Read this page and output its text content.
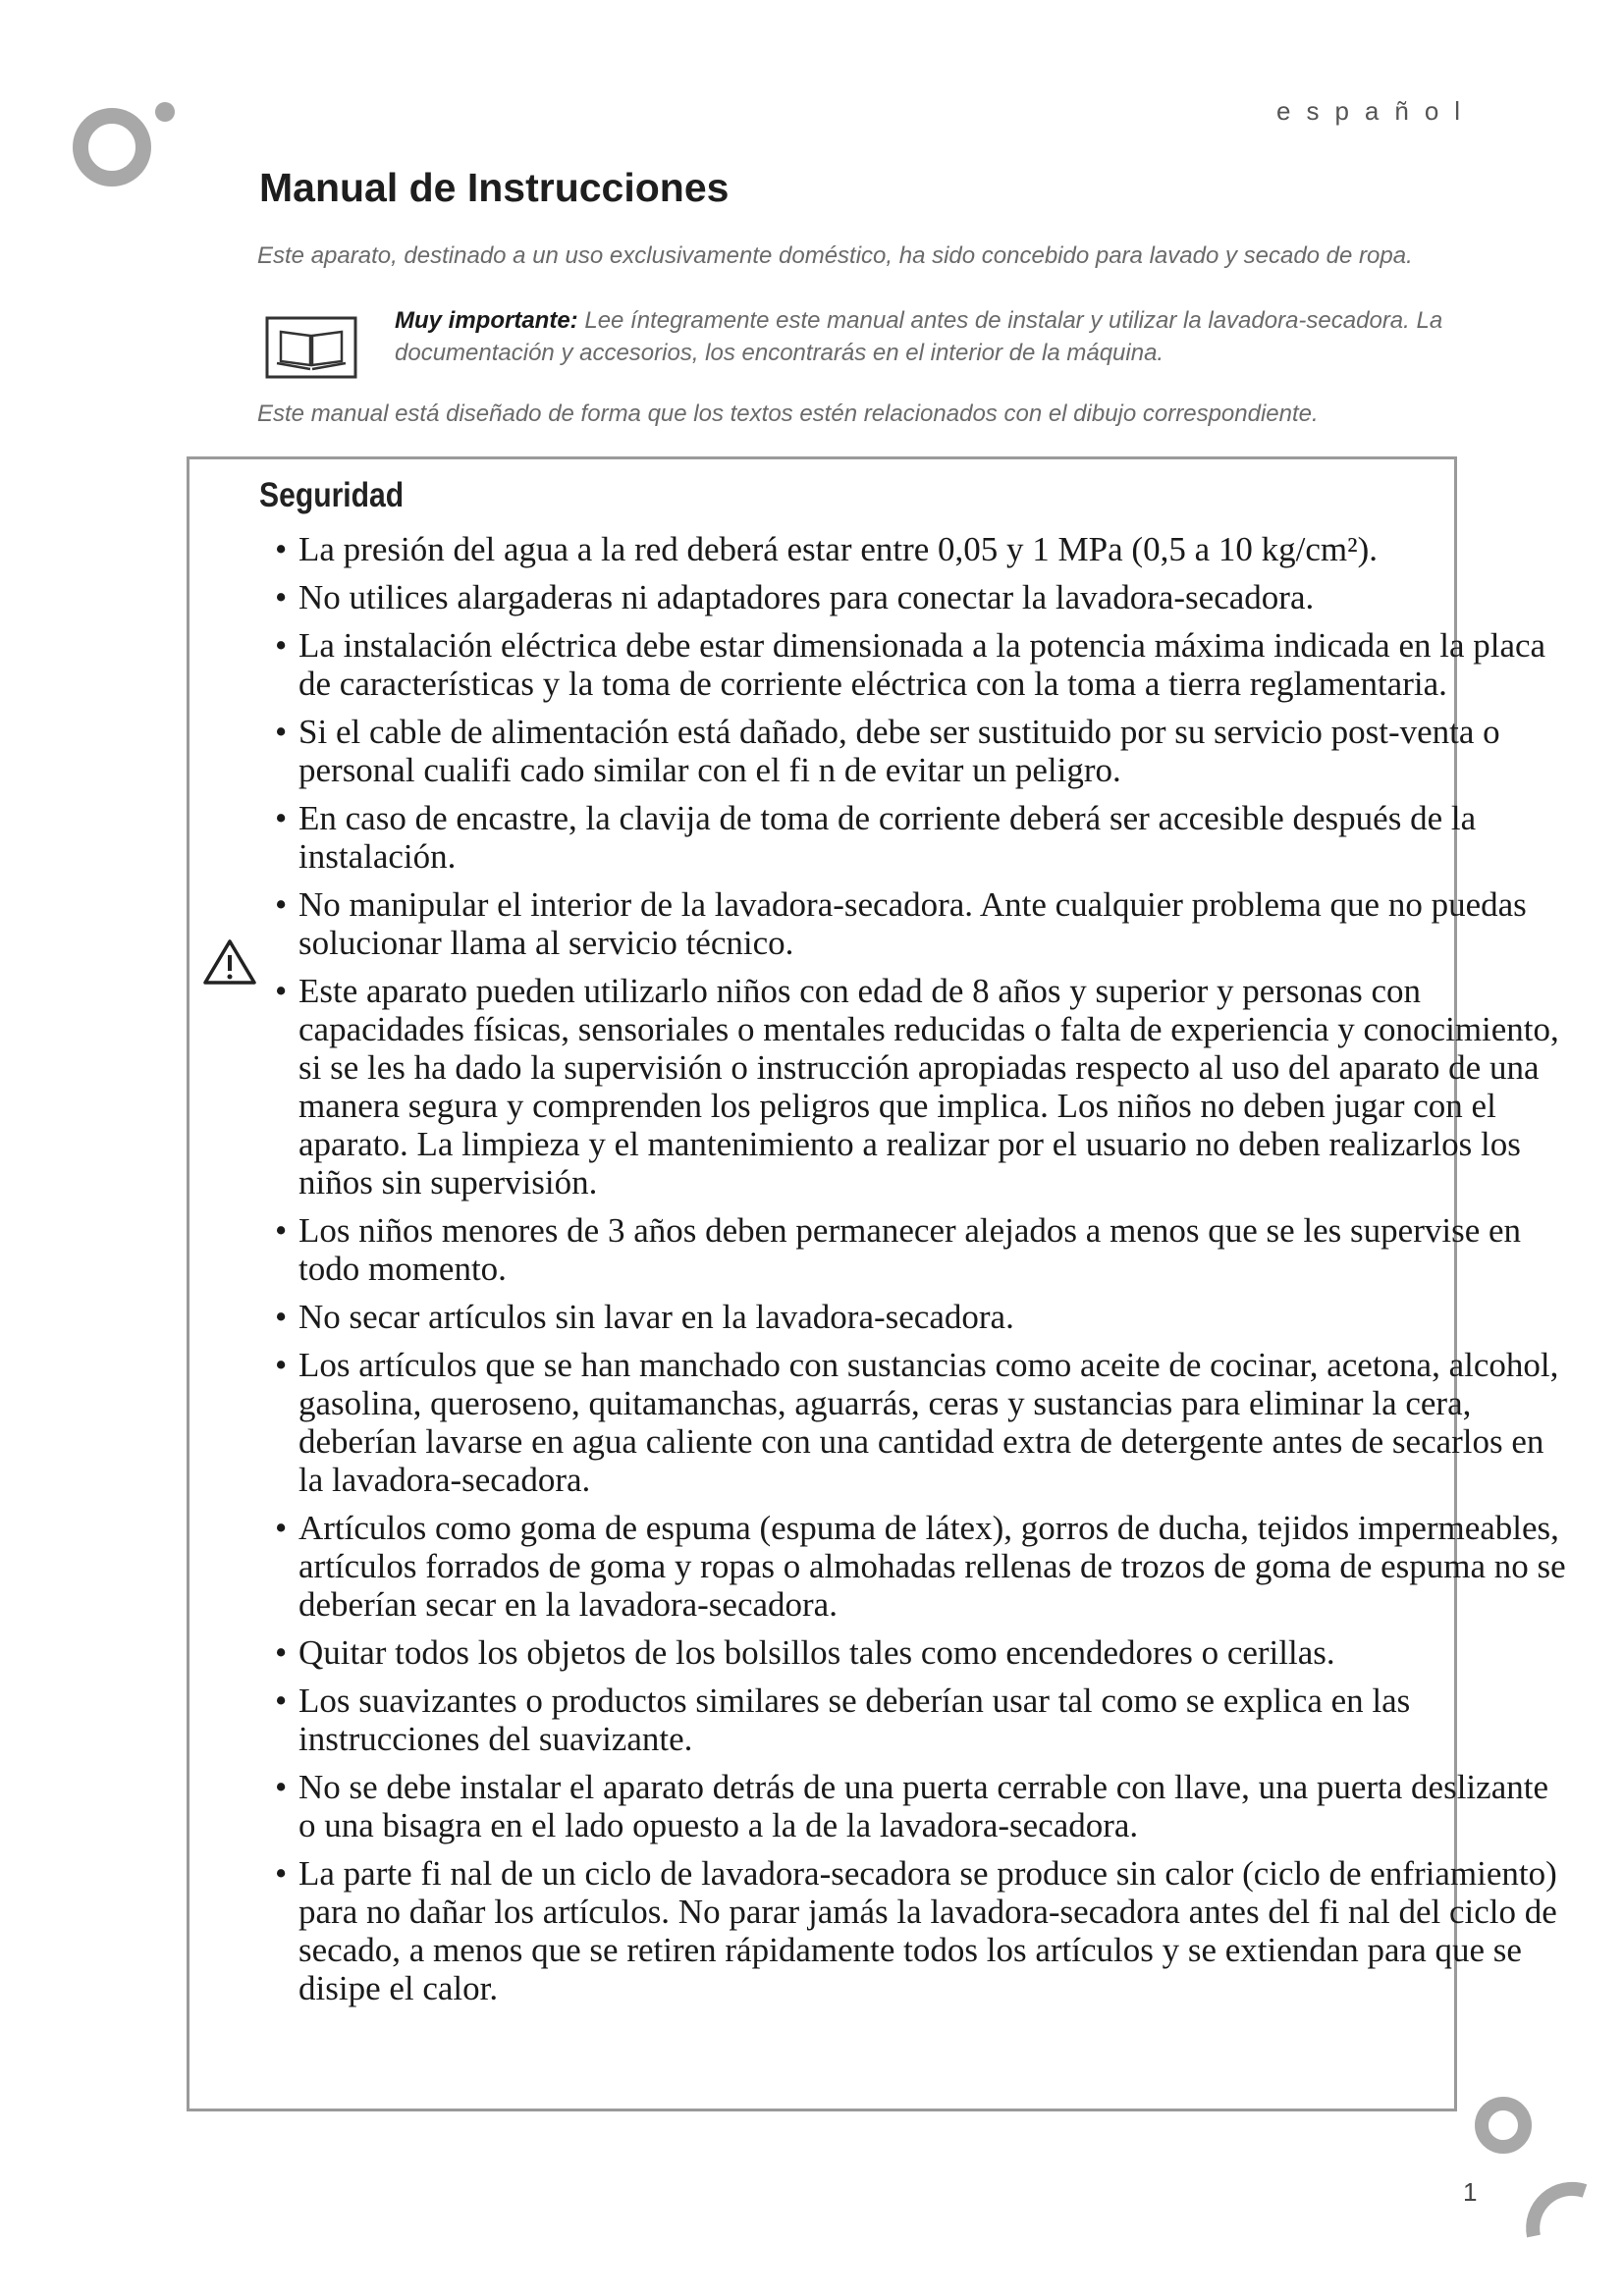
español
Manual de Instrucciones

Este aparato, destinado a un uso exclusivamente doméstico, ha sido concebido para lavado y secado de ropa.

Muy importante: Lee íntegramente este manual antes de instalar y utilizar la lavadora-secadora. La documentación y accesorios, los encontrarás en el interior de la máquina.

Este manual está diseñado de forma que los textos estén relacionados con el dibujo correspondiente.

Seguridad
• La presión del agua a la red deberá estar entre 0,05 y 1 MPa (0,5 a 10 kg/cm²).
• No utilices alargaderas ni adaptadores para conectar la lavadora-secadora.
• La instalación eléctrica debe estar dimensionada a la potencia máxima indicada en la placa de características y la toma de corriente eléctrica con la toma a tierra reglamentaria.
• Si el cable de alimentación está dañado, debe ser sustituido por su servicio post-venta o personal cualifi cado similar con el fi n de evitar un peligro.
• En caso de encastre, la clavija de toma de corriente deberá ser accesible después de la instalación.
• No manipular el interior de la lavadora-secadora. Ante cualquier problema que no puedas solucionar llama al servicio técnico.
• Este aparato pueden utilizarlo niños con edad de 8 años y superior y personas con capacidades físicas, sensoriales o mentales reducidas o falta de experiencia y conocimiento, si se les ha dado la supervisión o instrucción apropiadas respecto al uso del aparato de una manera segura y comprenden los peligros que implica. Los niños no deben jugar con el aparato. La limpieza y el mantenimiento a realizar por el usuario no deben realizarlos los niños sin supervisión.
• Los niños menores de 3 años deben permanecer alejados a menos que se les supervise en todo momento.
• No secar artículos sin lavar en la lavadora-secadora.
• Los artículos que se han manchado con sustancias como aceite de cocinar, acetona, alcohol, gasolina, queroseno, quitamanchas, aguarrás, ceras y sustancias para eliminar la cera, deberían lavarse en agua caliente con una cantidad extra de detergente antes de secarlos en la lavadora-secadora.
• Artículos como goma de espuma (espuma de látex), gorros de ducha, tejidos impermeables, artículos forrados de goma y ropas o almohadas rellenas de trozos de goma de espuma no se deberían secar en la lavadora-secadora.
• Quitar todos los objetos de los bolsillos tales como encendedores o cerillas.
• Los suavizantes o productos similares se deberían usar tal como se explica en las instrucciones del suavizante.
• No se debe instalar el aparato detrás de una puerta cerrable con llave, una puerta deslizante o una bisagra en el lado opuesto a la de la lavadora-secadora.
• La parte fi nal de un ciclo de lavadora-secadora se produce sin calor (ciclo de enfriamiento) para no dañar los artículos. No parar jamás la lavadora-secadora antes del fi nal del ciclo de secado, a menos que se retiren rápidamente todos los artículos y se extiendan para que se disipe el calor.
1
